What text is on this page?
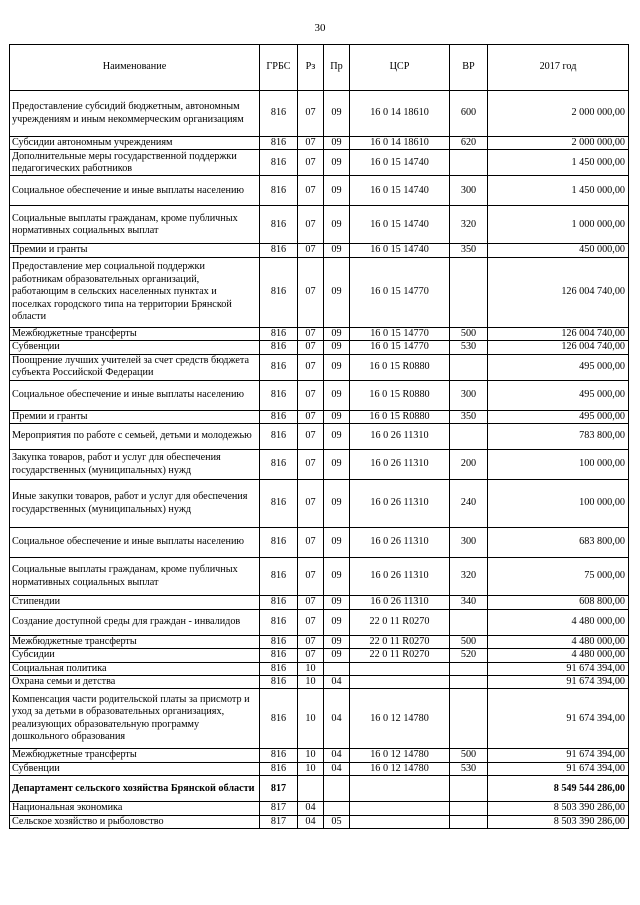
30
Наименование	ГРБС	Рз	Пр	ЦСР	ВР	2017 год
Предоставление субсидий бюджетным, автономным учреждениям и иным некоммерческим организациям	816	07	09	16 0 14 18610	600	2 000 000,00
Субсидии автономным учреждениям	816	07	09	16 0 14 18610	620	2 000 000,00
Дополнительные меры государственной поддержки педагогических работников	816	07	09	16 0 15 14740		1 450 000,00
Социальное обеспечение и иные выплаты населению	816	07	09	16 0 15 14740	300	1 450 000,00
Социальные выплаты гражданам, кроме публичных нормативных социальных выплат	816	07	09	16 0 15 14740	320	1 000 000,00
Премии и гранты	816	07	09	16 0 15 14740	350	450 000,00
Предоставление мер социальной поддержки работникам образовательных организаций, работающим в сельских населенных пунктах и поселках городского типа на территории Брянской области	816	07	09	16 0 15 14770		126 004 740,00
Межбюджетные трансферты	816	07	09	16 0 15 14770	500	126 004 740,00
Субвенции	816	07	09	16 0 15 14770	530	126 004 740,00
Поощрение лучших учителей за счет средств бюджета субъекта Российской Федерации	816	07	09	16 0 15 R0880		495 000,00
Социальное обеспечение и иные выплаты населению	816	07	09	16 0 15 R0880	300	495 000,00
Премии и гранты	816	07	09	16 0 15 R0880	350	495 000,00
Мероприятия по работе с семьей, детьми и молодежью	816	07	09	16 0 26 11310		783 800,00
Закупка товаров, работ и услуг для обеспечения государственных (муниципальных) нужд	816	07	09	16 0 26 11310	200	100 000,00
Иные закупки товаров, работ и услуг для обеспечения государственных (муниципальных) нужд	816	07	09	16 0 26 11310	240	100 000,00
Социальное обеспечение и иные выплаты населению	816	07	09	16 0 26 11310	300	683 800,00
Социальные выплаты гражданам, кроме публичных нормативных социальных выплат	816	07	09	16 0 26 11310	320	75 000,00
Стипендии	816	07	09	16 0 26 11310	340	608 800,00
Создание доступной среды для граждан - инвалидов	816	07	09	22 0 11 R0270		4 480 000,00
Межбюджетные трансферты	816	07	09	22 0 11 R0270	500	4 480 000,00
Субсидии	816	07	09	22 0 11 R0270	520	4 480 000,00
Социальная политика	816	10				91 674 394,00
Охрана семьи и детства	816	10	04			91 674 394,00
Компенсация части родительской платы за присмотр и уход за детьми в образовательных организациях, реализующих образовательную программу дошкольного образования	816	10	04	16 0 12 14780		91 674 394,00
Межбюджетные трансферты	816	10	04	16 0 12 14780	500	91 674 394,00
Субвенции	816	10	04	16 0 12 14780	530	91 674 394,00
Департамент сельского хозяйства Брянской области	817					8 549 544 286,00
Национальная экономика	817	04				8 503 390 286,00
Сельское хозяйство и рыболовство	817	04	05			8 503 390 286,00
